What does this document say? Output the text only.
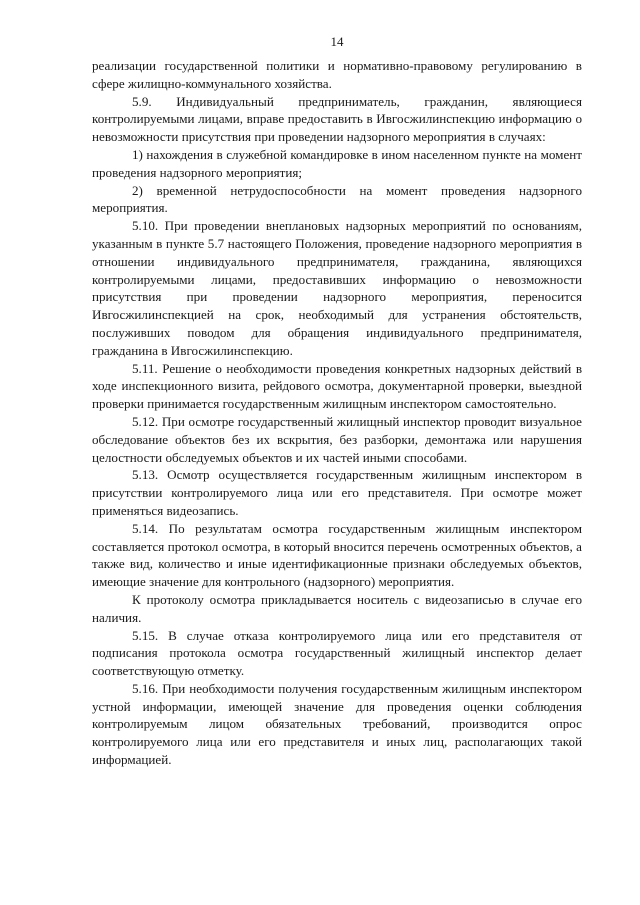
14

реализации государственной политики и нормативно-правовому регулированию в сфере жилищно-коммунального хозяйства.

5.9. Индивидуальный предприниматель, гражданин, являющиеся контролируемыми лицами, вправе предоставить в Ивгосжилинспекцию информацию о невозможности присутствия при проведении надзорного мероприятия в случаях:

1) нахождения в служебной командировке в ином населенном пункте на момент проведения надзорного мероприятия;

2) временной нетрудоспособности на момент проведения надзорного мероприятия.

5.10. При проведении внеплановых надзорных мероприятий по основаниям, указанным в пункте 5.7 настоящего Положения, проведение надзорного мероприятия в отношении индивидуального предпринимателя, гражданина, являющихся контролируемыми лицами, предоставивших информацию о невозможности присутствия при проведении надзорного мероприятия, переносится Ивгосжилинспекцией на срок, необходимый для устранения обстоятельств, послуживших поводом для обращения индивидуального предпринимателя, гражданина в Ивгосжилинспекцию.

5.11. Решение о необходимости проведения конкретных надзорных действий в ходе инспекционного визита, рейдового осмотра, документарной проверки, выездной проверки принимается государственным жилищным инспектором самостоятельно.

5.12. При осмотре государственный жилищный инспектор проводит визуальное обследование объектов без их вскрытия, без разборки, демонтажа или нарушения целостности обследуемых объектов и их частей иными способами.

5.13. Осмотр осуществляется государственным жилищным инспектором в присутствии контролируемого лица или его представителя. При осмотре может применяться видеозапись.

5.14. По результатам осмотра государственным жилищным инспектором составляется протокол осмотра, в который вносится перечень осмотренных объектов, а также вид, количество и иные идентификационные признаки обследуемых объектов, имеющие значение для контрольного (надзорного) мероприятия.

К протоколу осмотра прикладывается носитель с видеозаписью в случае его наличия.

5.15. В случае отказа контролируемого лица или его представителя от подписания протокола осмотра государственный жилищный инспектор делает соответствующую отметку.

5.16. При необходимости получения государственным жилищным инспектором устной информации, имеющей значение для проведения оценки соблюдения контролируемым лицом обязательных требований, производится опрос контролируемого лица или его представителя и иных лиц, располагающих такой информацией.
